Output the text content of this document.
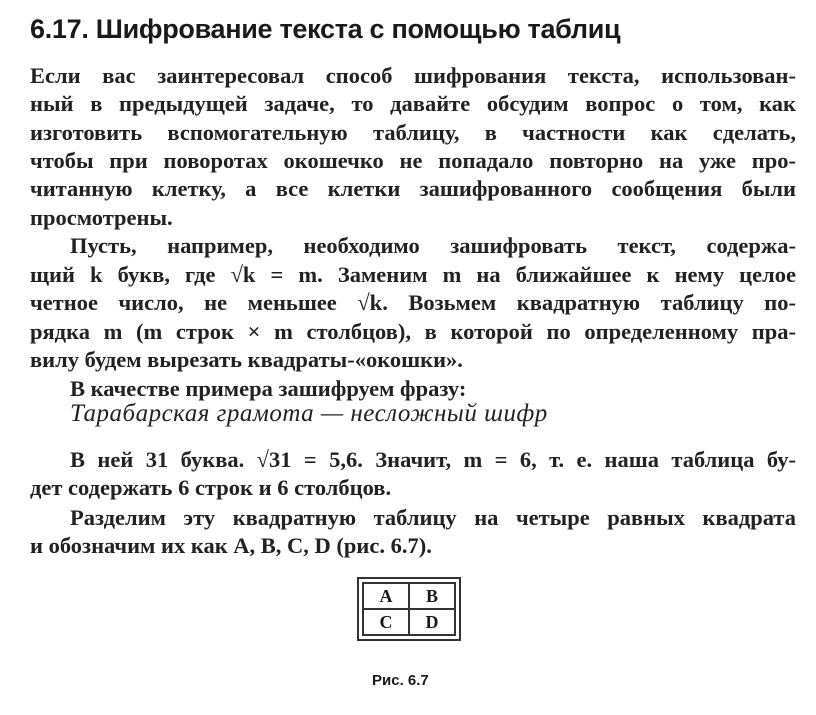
6.17. Шифрование текста с помощью таблиц
Если вас заинтересовал способ шифрования текста, использован-
ный в предыдущей задаче, то давайте обсудим вопрос о том, как
изготовить вспомогательную таблицу, в частности как сделать,
чтобы при поворотах окошечко не попадало повторно на уже про-
читанную клетку, а все клетки зашифрованного сообщения были
просмотрены.
Пусть, например, необходимо зашифровать текст, содержа-
щий k букв, где √k = m. Заменим m на ближайшее к нему целое
четное число, не меньшее √k. Возьмем квадратную таблицу по-
рядка m (m строк × m столбцов), в которой по определенному пра-
вилу будем вырезать квадраты-«окошки».
В качестве примера зашифруем фразу:
Тарабарская грамота — несложный шифр
В ней 31 буква. √31 = 5,6. Значит, m = 6, т. е. наша таблица бу-
дет содержать 6 строк и 6 столбцов.
Разделим эту квадратную таблицу на четыре равных квадрата
и обозначим их как A, B, C, D (рис. 6.7).
A	B
C	D
Рис. 6.7
